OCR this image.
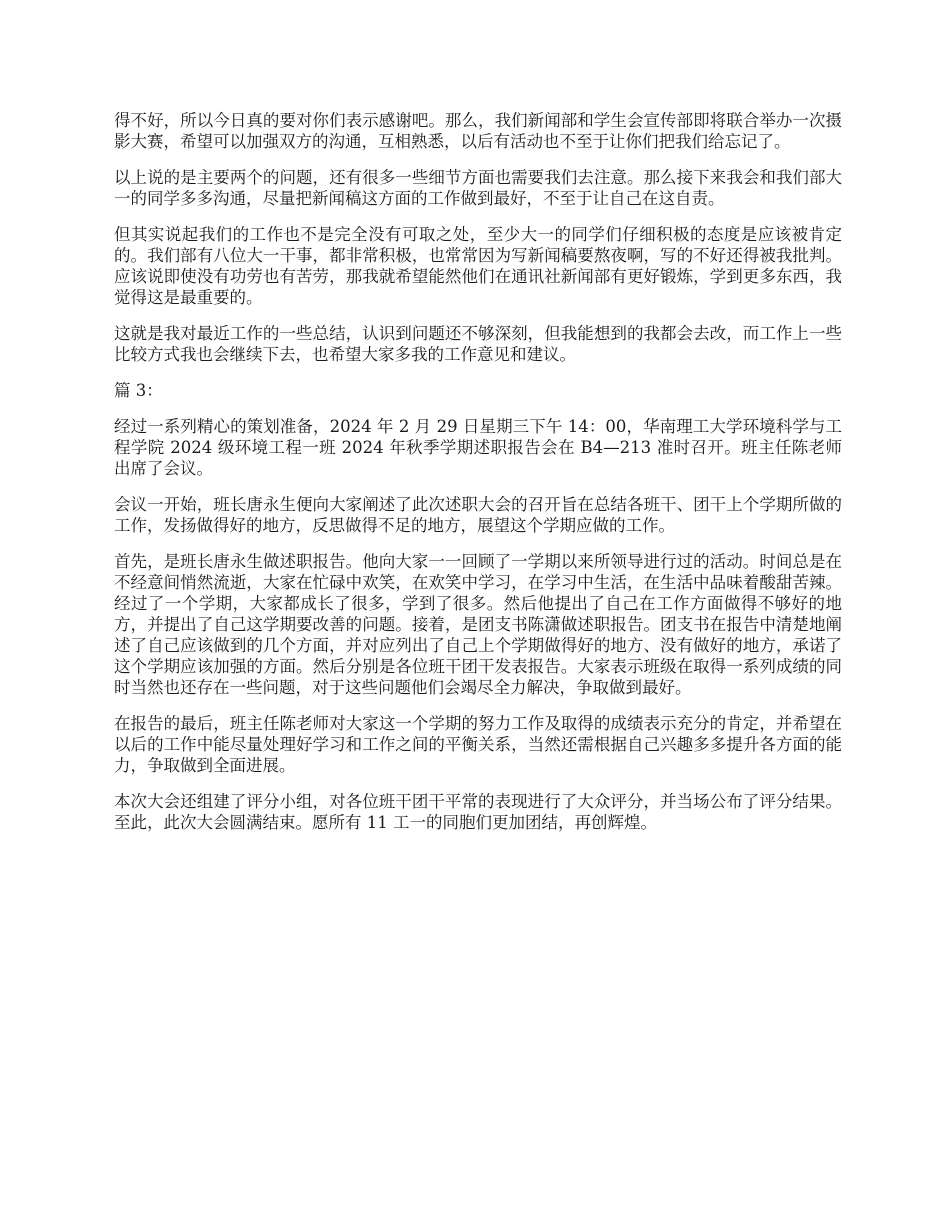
得不好，所以今日真的要对你们表示感谢吧。那么，我们新闻部和学生会宣传部即将联合举办一次摄影大赛，希望可以加强双方的沟通，互相熟悉，以后有活动也不至于让你们把我们给忘记了。

以上说的是主要两个的问题，还有很多一些细节方面也需要我们去注意。那么接下来我会和我们部大一的同学多多沟通，尽量把新闻稿这方面的工作做到最好，不至于让自己在这自责。

但其实说起我们的工作也不是完全没有可取之处，至少大一的同学们仔细积极的态度是应该被肯定的。我们部有八位大一干事，都非常积极，也常常因为写新闻稿要熬夜啊，写的不好还得被我批判。应该说即使没有功劳也有苦劳，那我就希望能然他们在通讯社新闻部有更好锻炼，学到更多东西，我觉得这是最重要的。

这就是我对最近工作的一些总结，认识到问题还不够深刻，但我能想到的我都会去改，而工作上一些比较方式我也会继续下去，也希望大家多我的工作意见和建议。

篇 3：

经过一系列精心的策划准备，2024 年 2 月 29 日星期三下午 14：00，华南理工大学环境科学与工程学院 2024 级环境工程一班 2024 年秋季学期述职报告会在 B4—213 准时召开。班主任陈老师出席了会议。

会议一开始，班长唐永生便向大家阐述了此次述职大会的召开旨在总结各班干、团干上个学期所做的工作，发扬做得好的地方，反思做得不足的地方，展望这个学期应做的工作。

首先，是班长唐永生做述职报告。他向大家一一回顾了一学期以来所领导进行过的活动。时间总是在不经意间悄然流逝，大家在忙碌中欢笑，在欢笑中学习，在学习中生活，在生活中品味着酸甜苦辣。经过了一个学期，大家都成长了很多，学到了很多。然后他提出了自己在工作方面做得不够好的地方，并提出了自己这学期要改善的问题。接着，是团支书陈潇做述职报告。团支书在报告中清楚地阐述了自己应该做到的几个方面，并对应列出了自己上个学期做得好的地方、没有做好的地方，承诺了这个学期应该加强的方面。然后分别是各位班干团干发表报告。大家表示班级在取得一系列成绩的同时当然也还存在一些问题，对于这些问题他们会竭尽全力解决，争取做到最好。

在报告的最后，班主任陈老师对大家这一个学期的努力工作及取得的成绩表示充分的肯定，并希望在以后的工作中能尽量处理好学习和工作之间的平衡关系，当然还需根据自己兴趣多多提升各方面的能力，争取做到全面进展。

本次大会还组建了评分小组，对各位班干团干平常的表现进行了大众评分，并当场公布了评分结果。至此，此次大会圆满结束。愿所有 11 工一的同胞们更加团结，再创辉煌。
